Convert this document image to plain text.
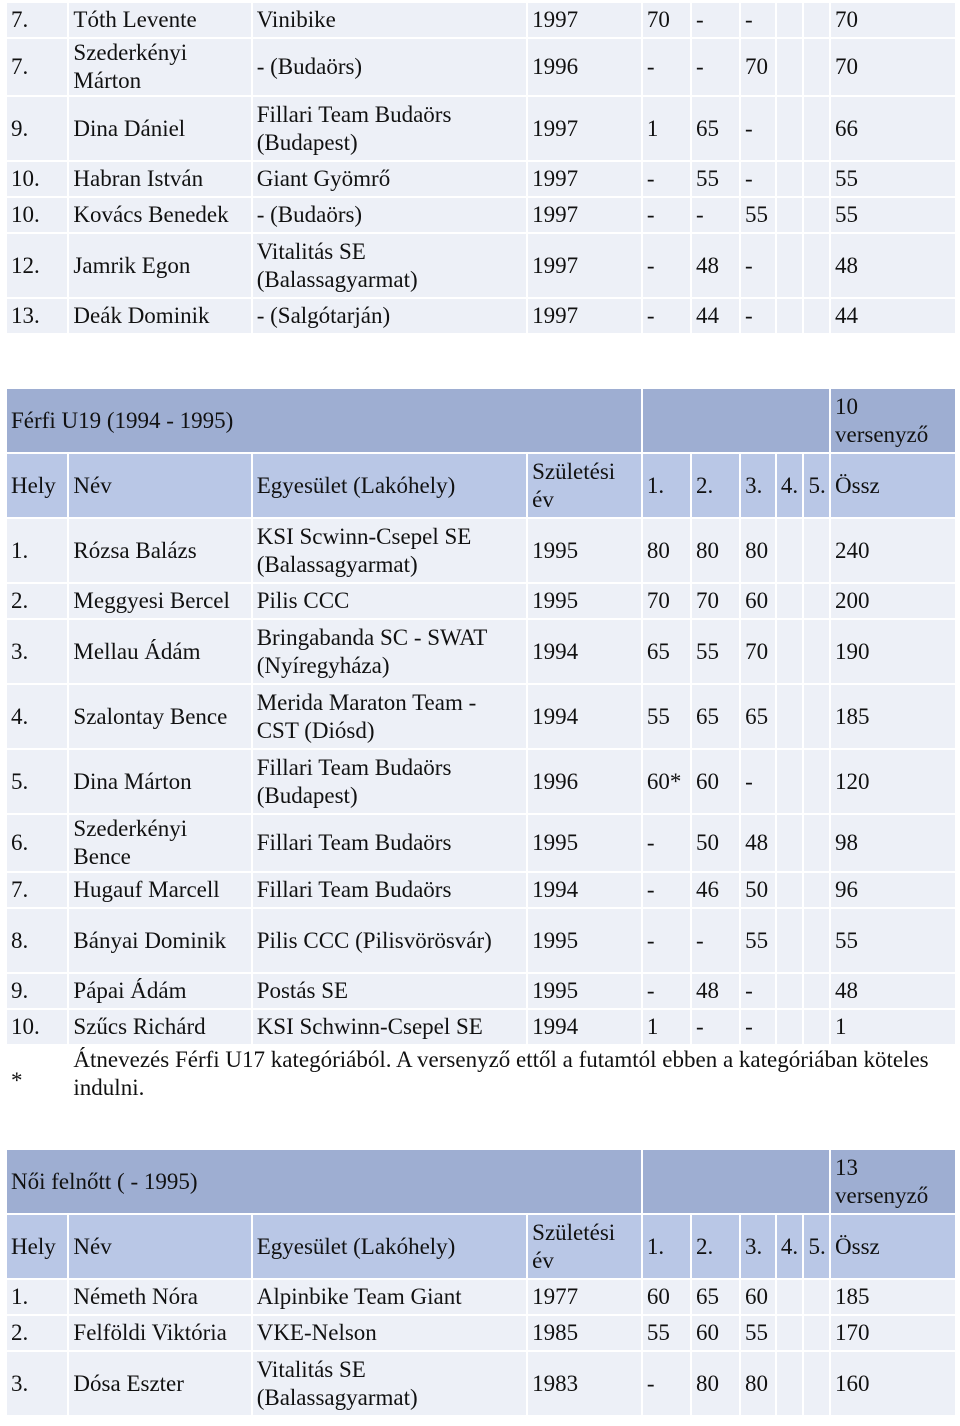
7.	Tóth Levente	Vinibike	1997	70	-	-			70
7.	Szederkényi Márton	- (Budaörs)	1996	-	-	70			70
9.	Dina Dániel	Fillari Team Budaörs (Budapest)	1997	1	65	-			66
10.	Habran István	Giant Gyömrő	1997	-	55	-			55
10.	Kovács Benedek	- (Budaörs)	1997	-	-	55			55
12.	Jamrik Egon	Vitalitás SE (Balassagyarmat)	1997	-	48	-			48
13.	Deák Dominik	- (Salgótarján)	1997	-	44	-			44
Férfi U19 (1994 - 1995)									10 versenyző
Hely	Név	Egyesület (Lakóhely)	Születési év	1.	2.	3.	4.	5.	Össz
1.	Rózsa Balázs	KSI Scwinn-Csepel SE (Balassagyarmat)	1995	80	80	80			240
2.	Meggyesi Bercel	Pilis CCC	1995	70	70	60			200
3.	Mellau Ádám	Bringabanda SC - SWAT (Nyíregyháza)	1994	65	55	70			190
4.	Szalontay Bence	Merida Maraton Team - CST (Diósd)	1994	55	65	65			185
5.	Dina Márton	Fillari Team Budaörs (Budapest)	1996	60*	60	-			120
6.	Szederkényi Bence	Fillari Team Budaörs	1995	-	50	48			98
7.	Hugauf Marcell	Fillari Team Budaörs	1994	-	46	50			96
8.	Bányai Dominik	Pilis CCC (Pilisvörösvár)	1995	-	-	55			55
9.	Pápai Ádám	Postás SE	1995	-	48	-			48
10.	Szűcs Richárd	KSI Schwinn-Csepel SE	1994	1	-	-			1
*	Átnevezés Férfi U17 kategóriából. A versenyző ettől a futamtól ebben a kategóriában köteles indulni.								
Női felnőtt ( - 1995)									13 versenyző
Hely	Név	Egyesület (Lakóhely)	Születési év	1.	2.	3.	4.	5.	Össz
1.	Németh Nóra	Alpinbike Team Giant	1977	60	65	60			185
2.	Felföldi Viktória	VKE-Nelson	1985	55	60	55			170
3.	Dósa Eszter	Vitalitás SE (Balassagyarmat)	1983	-	80	80			160
